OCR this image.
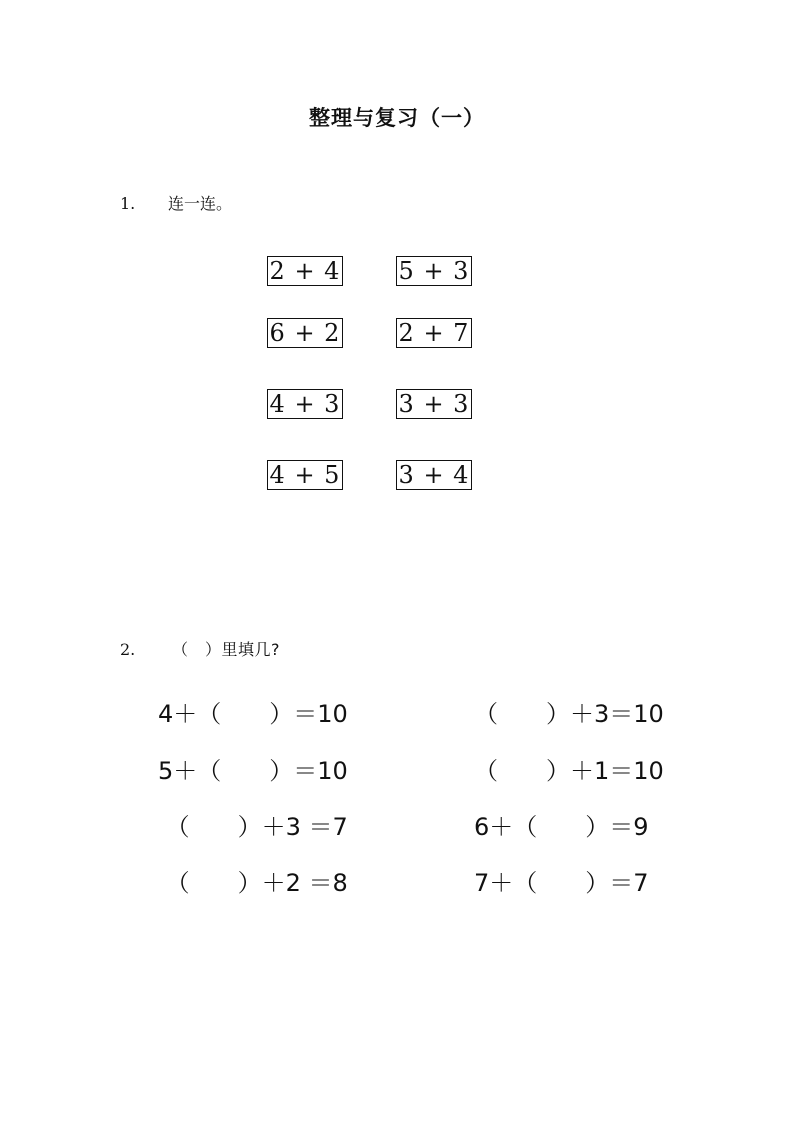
整理与复习（一）
1. 连一连。
2 + 4
6 + 2
4 + 3
4 + 5
5 + 3
2 + 7
3 + 3
3 + 4
2. （　）里填几?
4＋（　　）＝10
5＋（　　）＝10
（　　）＋3 ＝7
（　　）＋2 ＝8
（　　）＋3＝10
（　　）＋1＝10
6＋（　　）＝9
7＋（　　）＝7
